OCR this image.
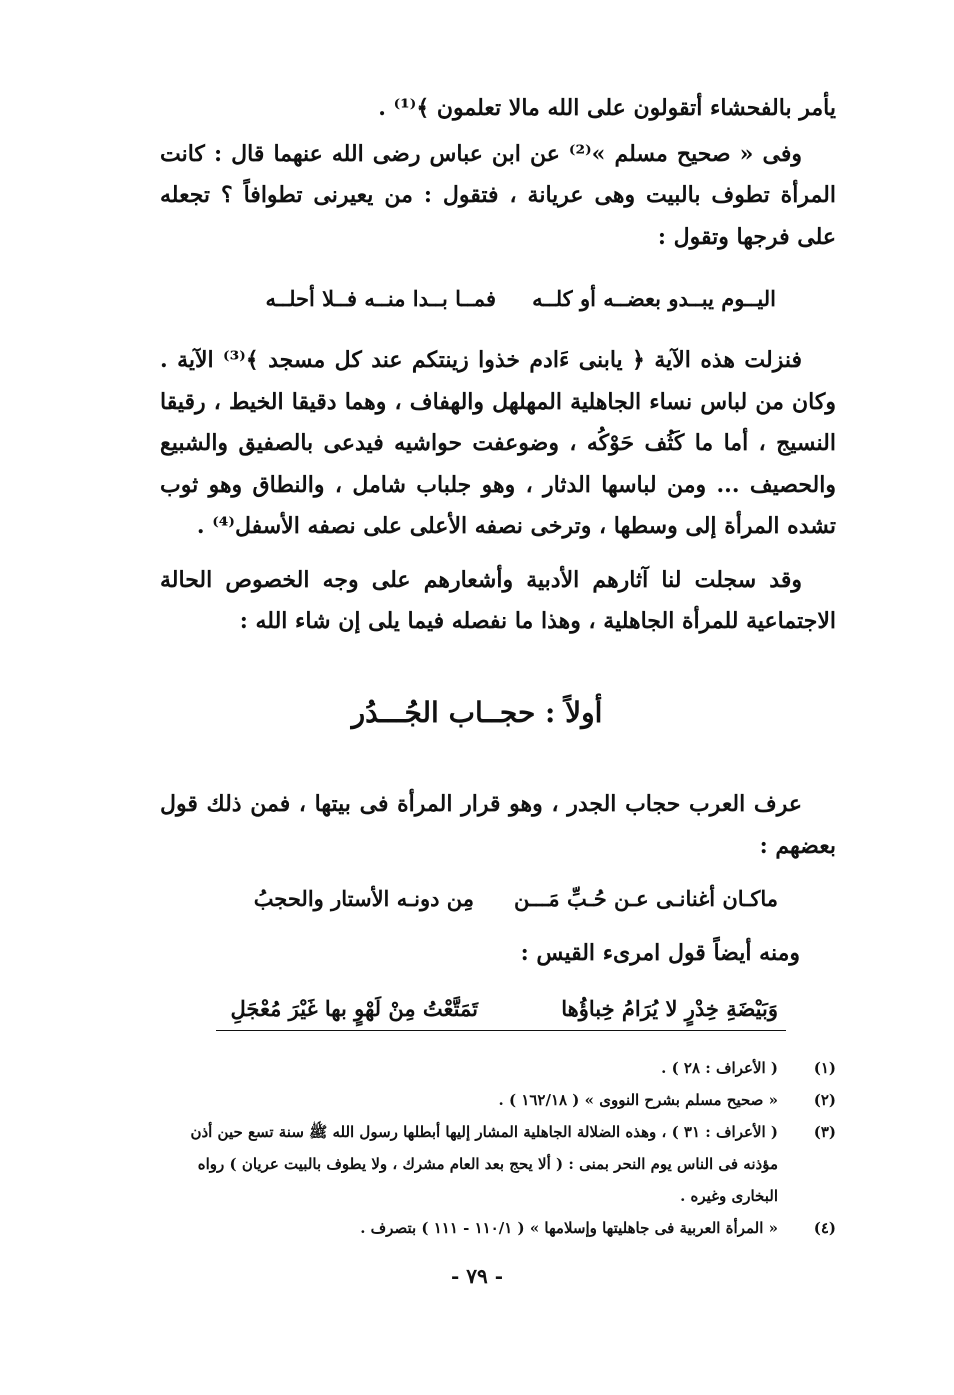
يأمر بالفحشاء أتقولون على الله مالا تعلمون ﴾⁽¹⁾ .

وفى « صحيح مسلم »⁽²⁾ عن ابن عباس رضى الله عنهما قال : كانت المرأة تطوف بالبيت وهى عريانة ، فتقول : من يعيرنى تطوافاً ؟ تجعله على فرجها وتقول :

اليــوم يبــدو بعضــه أو كلــه
فمــا بــدا منــه فــلا أحلــه

فنزلت هذه الآية ﴿ يابنى ءَادم خذوا زينتكم عند كل مسجد ﴾⁽³⁾ الآية . وكان من لباس نساء الجاهلية المهلهل والهفاف ، وهما دقيقا الخيط ، رقيقا النسيج ، أما ما كَثُف حَوْكُه ، وضوعفت حواشيه فيدعى بالصفيق والشبيع والحصيف ... ومن لباسها الدثار ، وهو جلباب شامل ، والنطاق وهو ثوب تشده المرأة إلى وسطها ، وترخى نصفه الأعلى على نصفه الأسفل⁽⁴⁾ .

وقد سجلت لنا آثارهم الأدبية وأشعارهم على وجه الخصوص الحالة الاجتماعية للمرأة الجاهلية ، وهذا ما نفصله فيما يلى إن شاء الله :

أولاً : حجــاب الجُـــدُر

عرف العرب حجاب الجدر ، وهو قرار المرأة فى بيتها ، فمن ذلك قول بعضهم :

ماكـان أغنانـى عـن حُـبِّ مَـــن
مِن دونـه الأستار والحجبُ
ومنه أيضاً قول امرىء القيس :
وَبَيْضَةِ خِدْرٍ لا يُرَامُ خِباؤُها
تَمَتَّعْتُ مِنْ لَهْوٍ بها غَيْرَ مُعْجَلِ
(١)
( الأعراف : ٢٨ ) .
(٢)
« صحيح مسلم بشرح النووى » ( ١٦٢/١٨ ) .
(٣)
( الأعراف : ٣١ ) ، وهذه الضلالة الجاهلية المشار إليها أبطلها رسول الله ﷺ سنة تسع حين أذن مؤذنه فى الناس يوم النحر بمنى : ( ألا يحج بعد العام مشرك ، ولا يطوف بالبيت عريان ) رواه البخارى وغيره .
(٤)
« المرأة العربية فى جاهليتها وإسلامها » ( ١١٠/١ - ١١١ ) بتصرف .
- ٧٩ -
